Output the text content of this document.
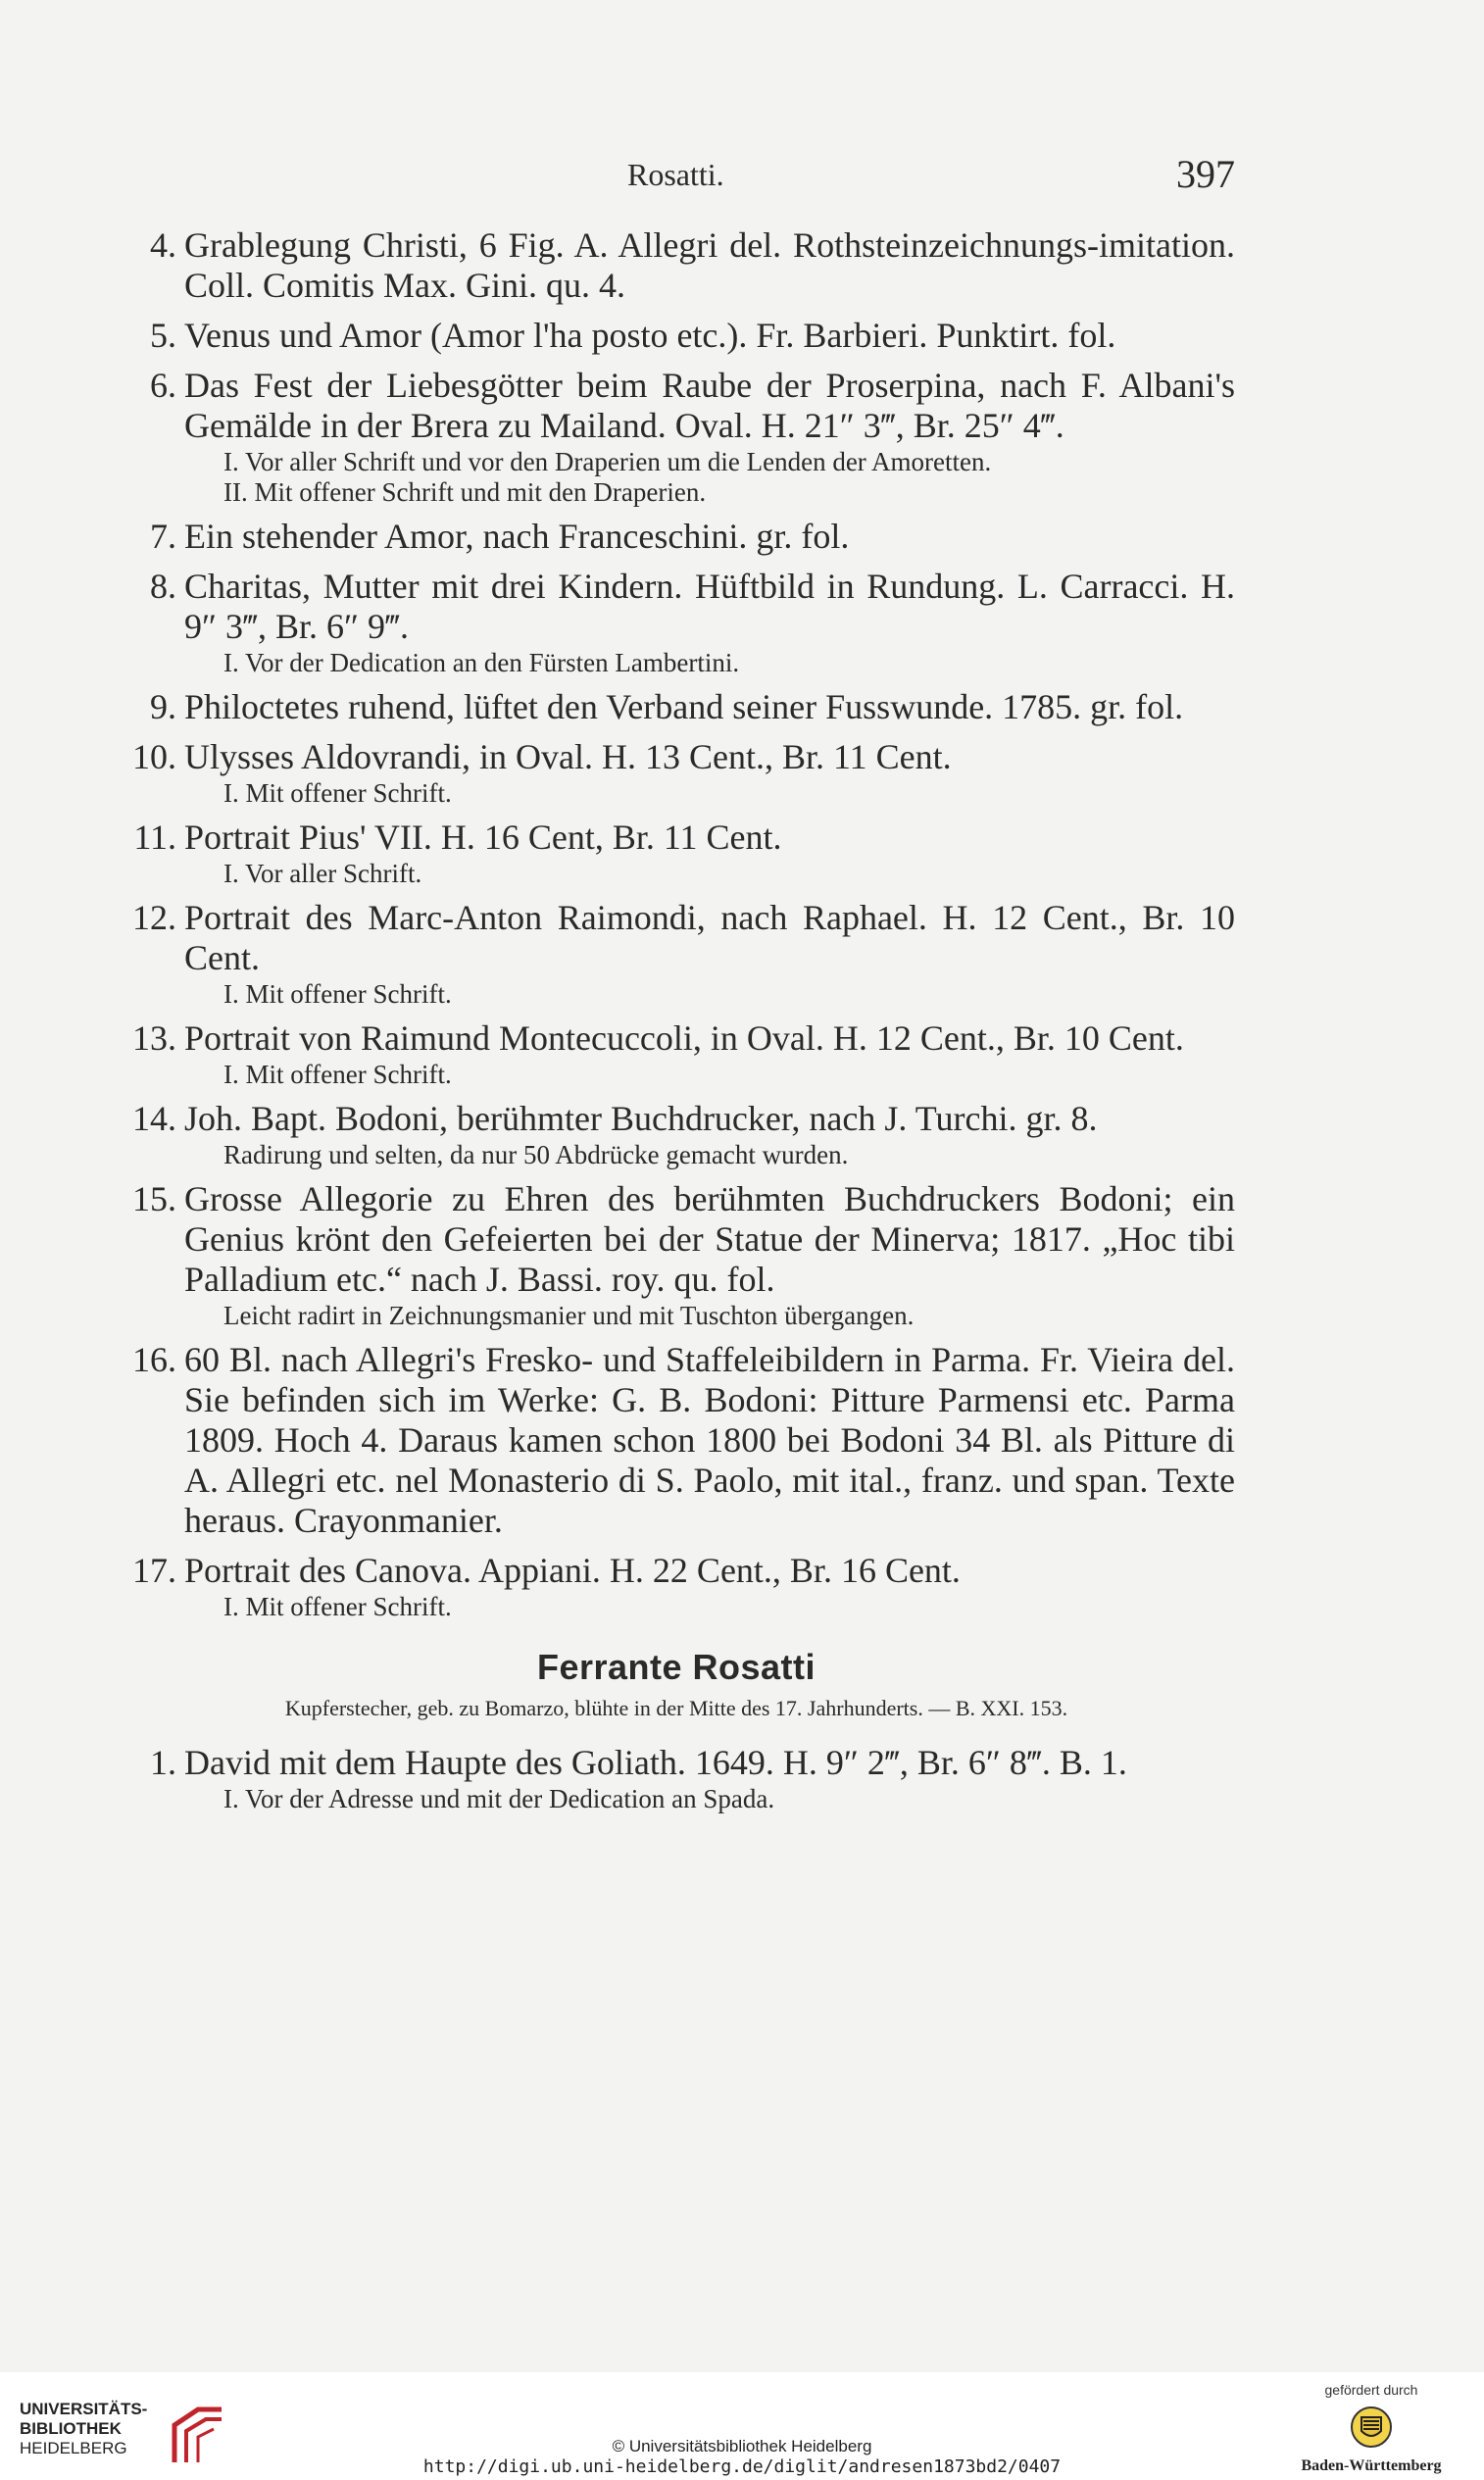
Rosatti.	397
4. Grablegung Christi, 6 Fig. A. Allegri del. Rothsteinzeichnungs-imitation. Coll. Comitis Max. Gini. qu. 4.
5. Venus und Amor (Amor l'ha posto etc.). Fr. Barbieri. Punktirt. fol.
6. Das Fest der Liebesgötter beim Raube der Proserpina, nach F. Albani's Gemälde in der Brera zu Mailand. Oval. H. 21″ 3‴, Br. 25″ 4‴.
I. Vor aller Schrift und vor den Draperien um die Lenden der Amoretten.
II. Mit offener Schrift und mit den Draperien.
7. Ein stehender Amor, nach Franceschini. gr. fol.
8. Charitas, Mutter mit drei Kindern. Hüftbild in Rundung. L. Carracci. H. 9″ 3‴, Br. 6″ 9‴.
I. Vor der Dedication an den Fürsten Lambertini.
9. Philoctetes ruhend, lüftet den Verband seiner Fusswunde. 1785. gr. fol.
10. Ulysses Aldovrandi, in Oval. H. 13 Cent., Br. 11 Cent.
I. Mit offener Schrift.
11. Portrait Pius' VII. H. 16 Cent, Br. 11 Cent.
I. Vor aller Schrift.
12. Portrait des Marc-Anton Raimondi, nach Raphael. H. 12 Cent., Br. 10 Cent.
I. Mit offener Schrift.
13. Portrait von Raimund Montecuccoli, in Oval. H. 12 Cent., Br. 10 Cent.
I. Mit offener Schrift.
14. Joh. Bapt. Bodoni, berühmter Buchdrucker, nach J. Turchi. gr. 8.
Radirung und selten, da nur 50 Abdrücke gemacht wurden.
15. Grosse Allegorie zu Ehren des berühmten Buchdruckers Bodoni; ein Genius krönt den Gefeierten bei der Statue der Minerva; 1817. „Hoc tibi Palladium etc.“ nach J. Bassi. roy. qu. fol.
Leicht radirt in Zeichnungsmanier und mit Tuschton übergangen.
16. 60 Bl. nach Allegri's Fresko- und Staffeleibildern in Parma. Fr. Vieira del. Sie befinden sich im Werke: G. B. Bodoni: Pitture Parmensi etc. Parma 1809. Hoch 4. Daraus kamen schon 1800 bei Bodoni 34 Bl. als Pitture di A. Allegri etc. nel Monasterio di S. Paolo, mit ital., franz. und span. Texte heraus. Crayonmanier.
17. Portrait des Canova. Appiani. H. 22 Cent., Br. 16 Cent.
I. Mit offener Schrift.
Ferrante Rosatti
Kupferstecher, geb. zu Bomarzo, blühte in der Mitte des 17. Jahrhunderts. — B. XXI. 153.
1. David mit dem Haupte des Goliath. 1649. H. 9″ 2‴, Br. 6″ 8‴. B. 1.
I. Vor der Adresse und mit der Dedication an Spada.
UNIVERSITÄTS-
BIBLIOTHEK
HEIDELBERG	© Universitätsbibliothek Heidelberg
http://digi.ub.uni-heidelberg.de/diglit/andresen1873bd2/0407
gefördert durch
Baden-Württemberg
